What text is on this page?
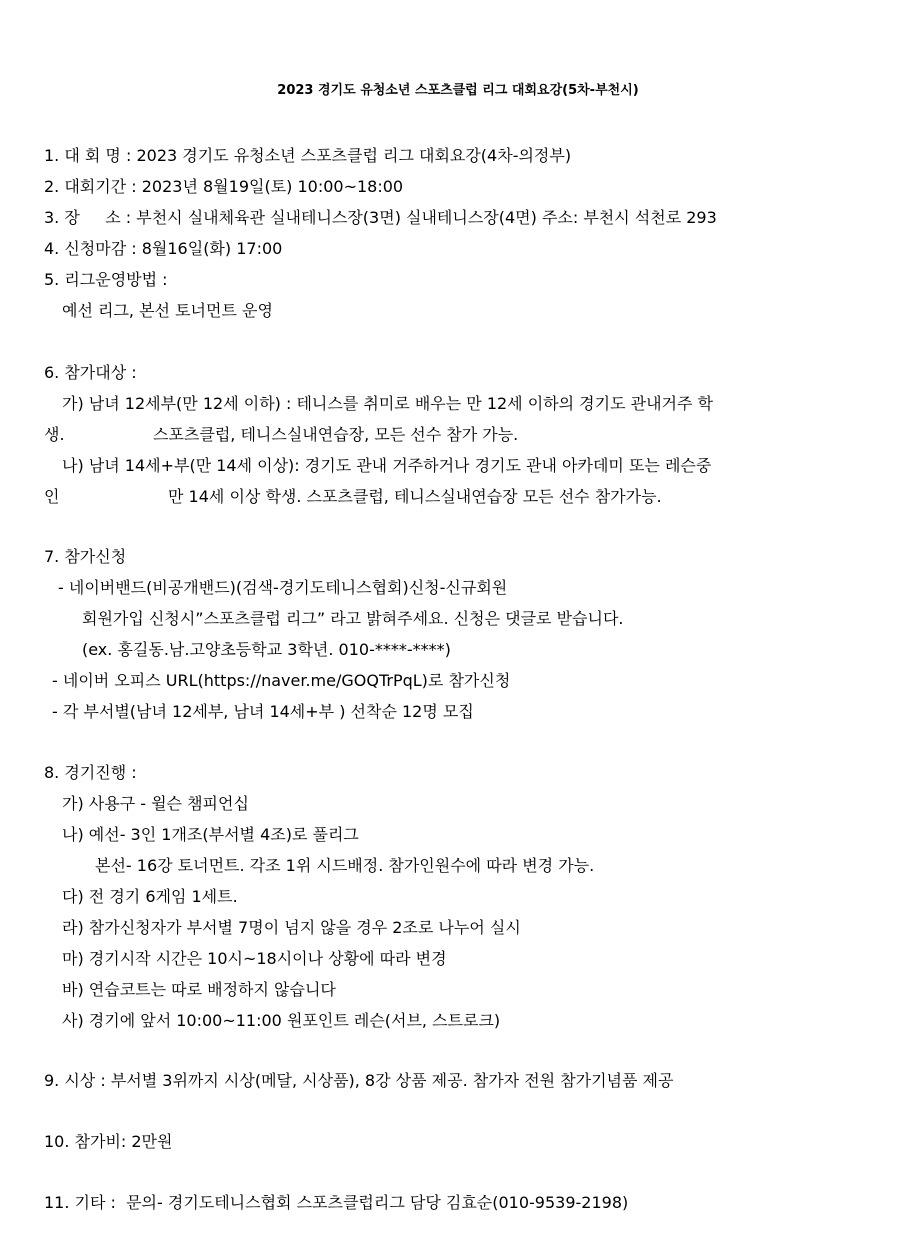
2023 경기도 유청소년 스포츠클럽 리그 대회요강(5차-부천시)
1. 대 회 명 : 2023 경기도 유청소년 스포츠클럽 리그 대회요강(4차-의정부)
2. 대회기간 : 2023년 8월19일(토) 10:00~18:00
3. 장     소 : 부천시 실내체육관 실내테니스장(3면) 실내테니스장(4면) 주소: 부천시 석천로 293
4. 신청마감 : 8월16일(화) 17:00
5. 리그운영방법 :
예선 리그, 본선 토너먼트 운영
6. 참가대상 :
가) 남녀 12세부(만 12세 이하) : 테니스를 취미로 배우는 만 12세 이하의 경기도 관내거주 학
생.	스포츠클럽, 테니스실내연습장, 모든 선수 참가 가능.
나) 남녀 14세+부(만 14세 이상): 경기도 관내 거주하거나 경기도 관내 아카데미 또는 레슨중
인	만 14세 이상 학생. 스포츠클럽, 테니스실내연습장 모든 선수 참가가능.
7. 참가신청
- 네이버밴드(비공개밴드)(검색-경기도테니스협회)신청-신규회원
회원가입 신청시”스포츠클럽 리그” 라고 밝혀주세요. 신청은 댓글로 받습니다.
(ex. 홍길동.남.고양초등학교 3학년. 010-****-****)
- 네이버 오피스 URL(https://naver.me/GOQTrPqL)로 참가신청
- 각 부서별(남녀 12세부, 남녀 14세+부 ) 선착순 12명 모집
8. 경기진행 :
가) 사용구 - 윌슨 챔피언십
나) 예선- 3인 1개조(부서별 4조)로 풀리그
본선- 16강 토너먼트. 각조 1위 시드배정. 참가인원수에 따라 변경 가능.
다) 전 경기 6게임 1세트.
라) 참가신청자가 부서별 7명이 넘지 않을 경우 2조로 나누어 실시
마) 경기시작 시간은 10시~18시이나 상황에 따라 변경
바) 연습코트는 따로 배정하지 않습니다
사) 경기에 앞서 10:00~11:00 원포인트 레슨(서브, 스트로크)
9. 시상 : 부서별 3위까지 시상(메달, 시상품), 8강 상품 제공. 참가자 전원 참가기념품 제공
10. 참가비: 2만원
11. 기타 :  문의- 경기도테니스협회 스포츠클럽리그 담당 김효순(010-9539-2198)
